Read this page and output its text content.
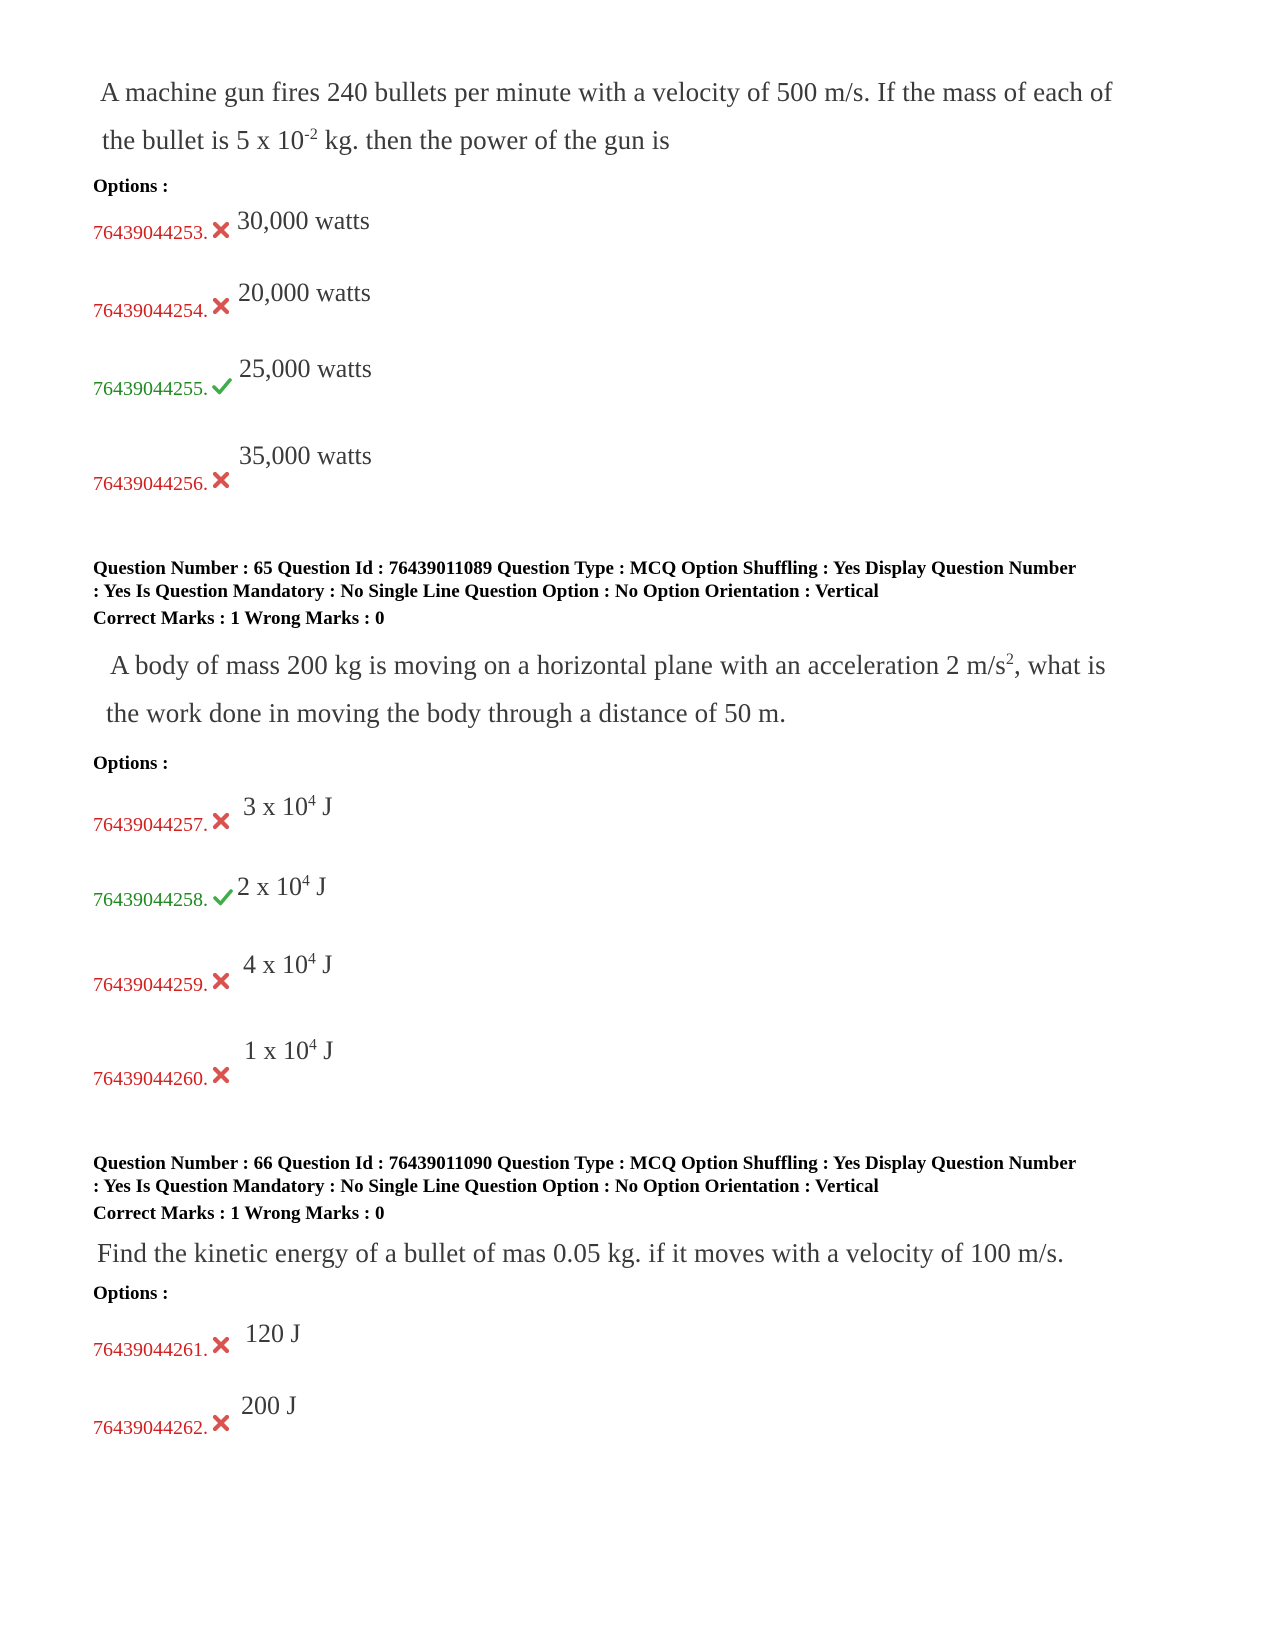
A machine gun fires 240 bullets per minute with a velocity of 500 m/s. If the mass of each of
the bullet is 5 x $10^{-2}$ kg. then the power of the gun is
Options :
76439044253. 30,000 watts
76439044254.
20,000 watts
76439044255.
25,000 watts
76439044256.
35,000 watts
Question Number : 65 Question Id : 76439011089 Question Type : MCQ Option Shuffling : Yes Display Question Number
: Yes Is Question Mandatory : No Single Line Question Option : No Option Orientation : Vertical
Correct Marks : 1 Wrong Marks : 0
A body of mass 200 kg is moving on a horizontal plane with an acceleration 2 $m/s^2$, what is
the work done in moving the body through a distance of 50 m.
Options :
76439044257.
3 x $10^4$ J
76439044258. 2 x $10^4$ J
76439044259.
4 x $10^4$ J
76439044260.
1 x $10^4$ J
Question Number : 66 Question Id : 76439011090 Question Type : MCQ Option Shuffling : Yes Display Question Number
: Yes Is Question Mandatory : No Single Line Question Option : No Option Orientation : Vertical
Correct Marks : 1 Wrong Marks : 0
Find the kinetic energy of a bullet of mas 0.05 kg. if it moves with a velocity of 100 m/s.
Options :
76439044261.
120 J
76439044262.
200 J
